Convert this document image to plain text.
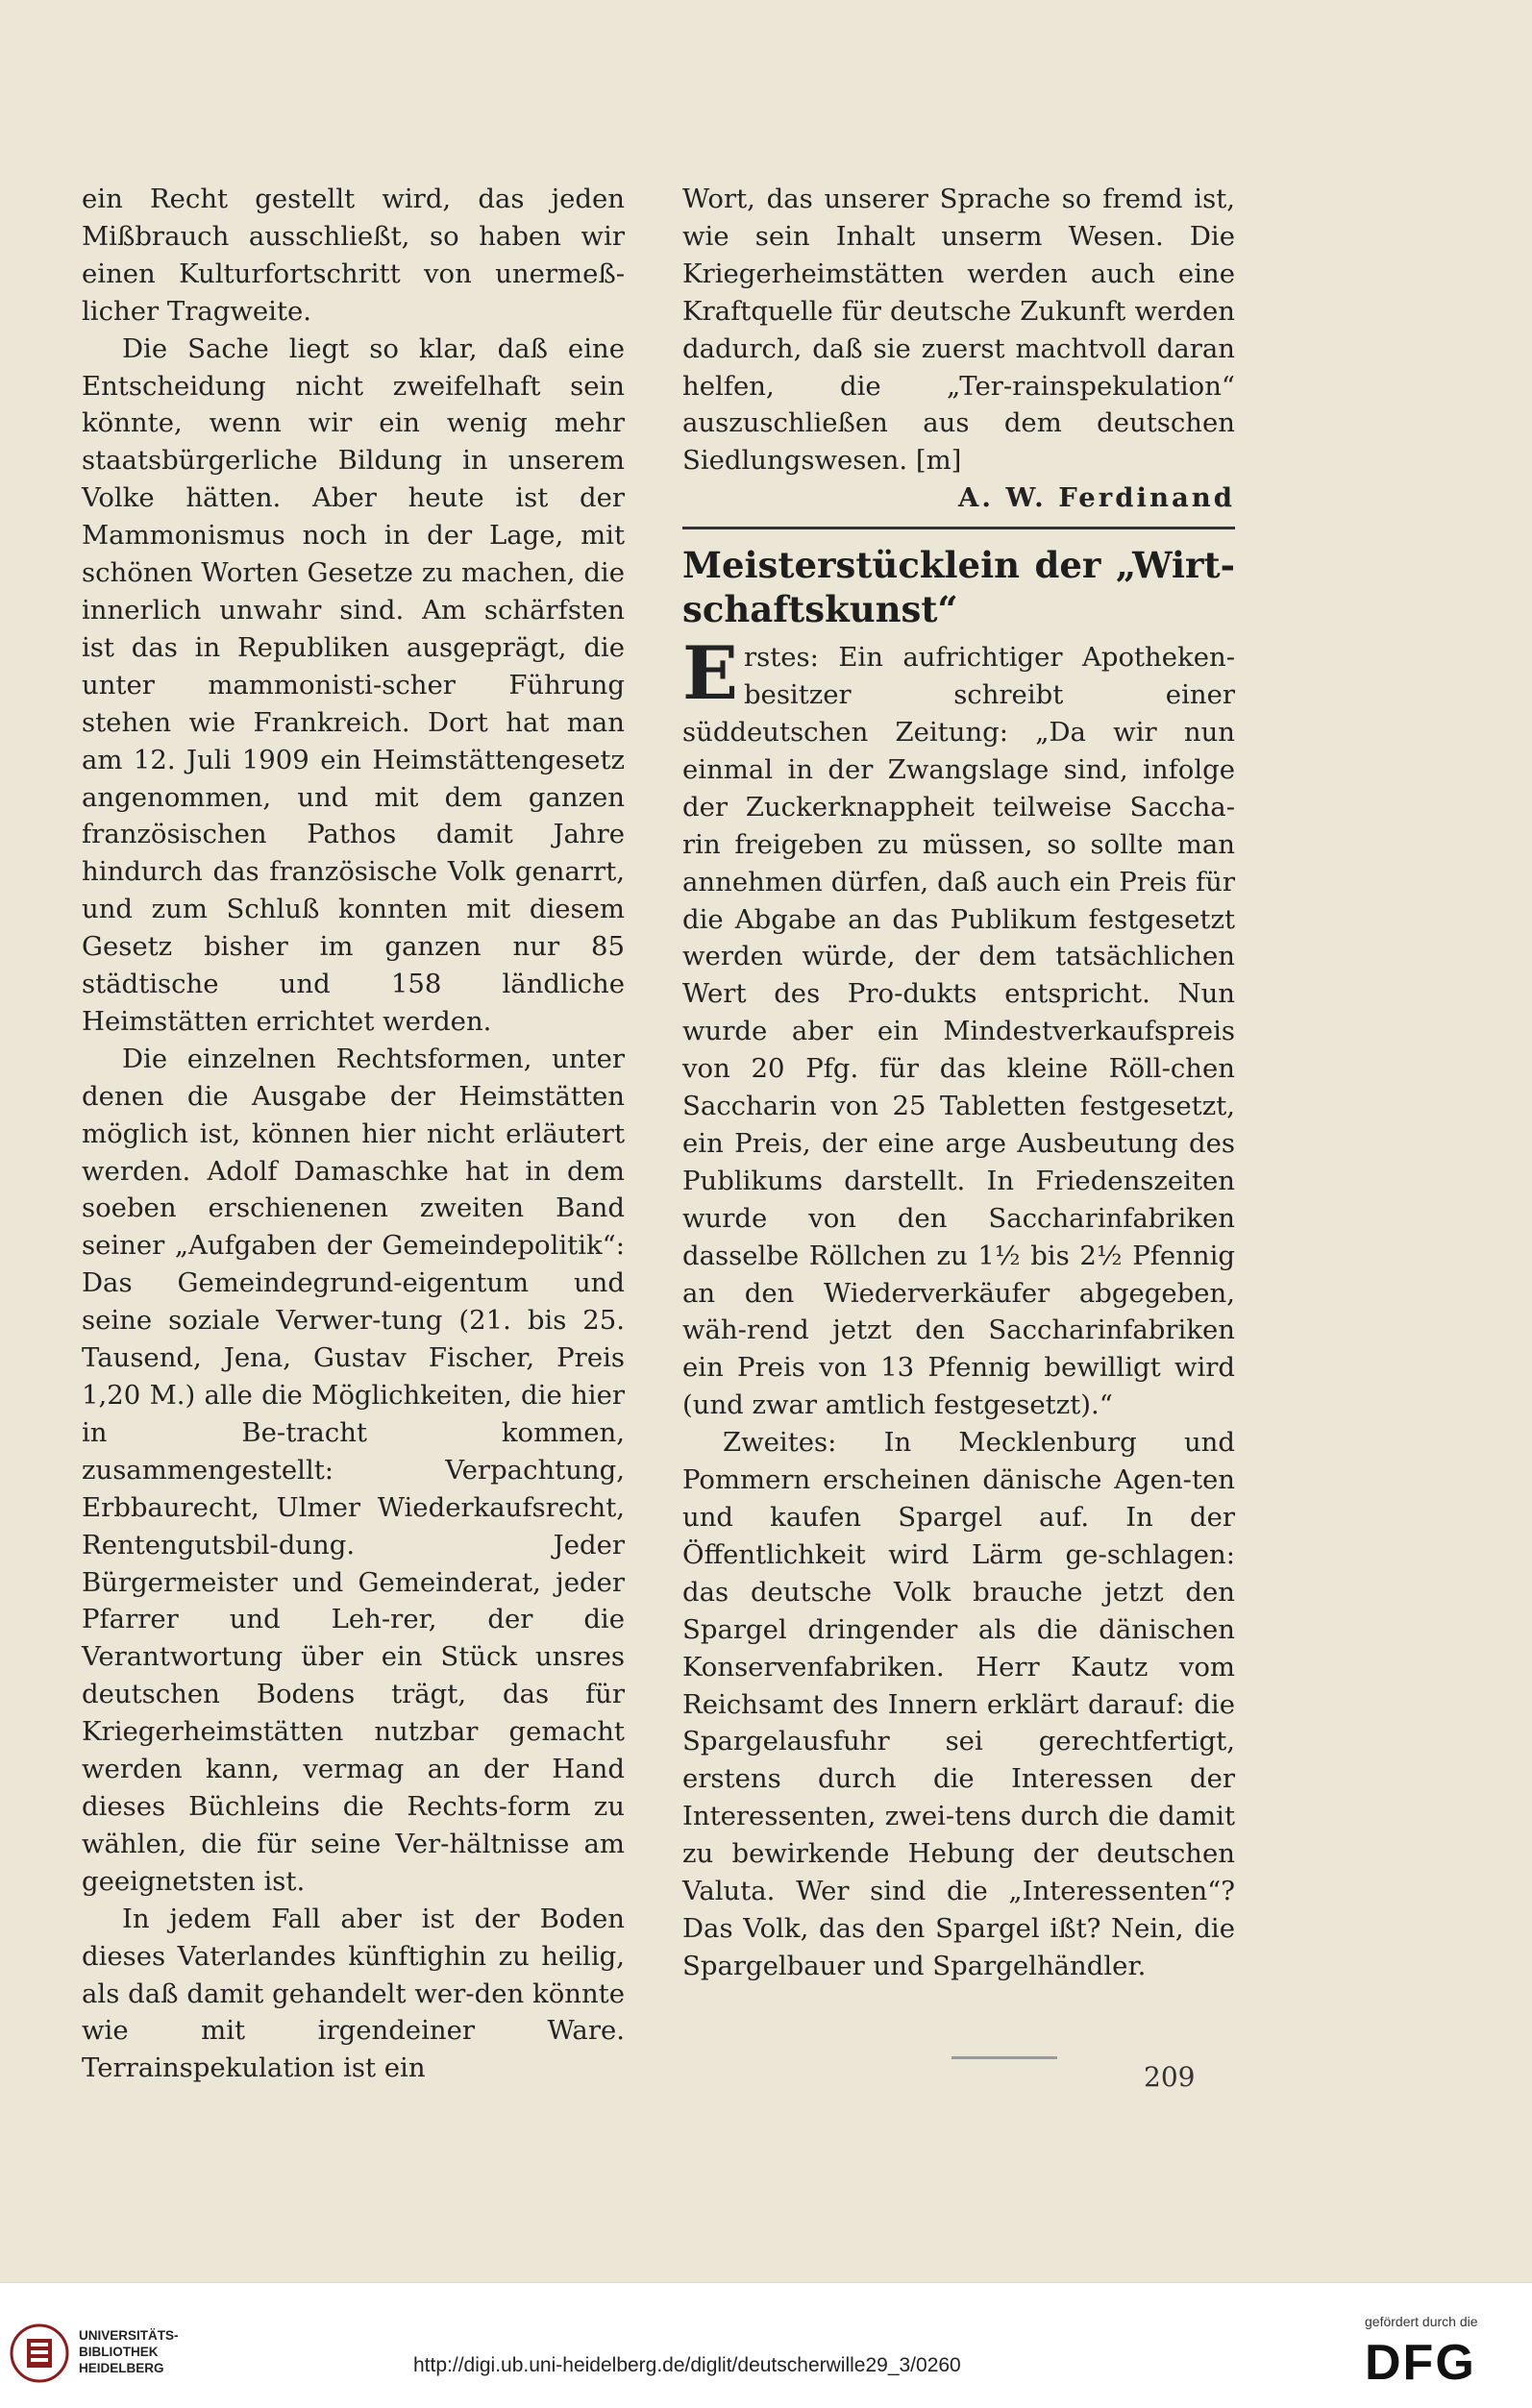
ein Recht gestellt wird, das jeden Mißbrauch ausschließt, so haben wir einen Kulturfortschritt von unermeß-licher Tragweite.

Die Sache liegt so klar, daß eine Entscheidung nicht zweifelhaft sein könnte, wenn wir ein wenig mehr staatsbürgerliche Bildung in unserem Volke hätten. Aber heute ist der Mammonismus noch in der Lage, mit schönen Worten Gesetze zu machen, die innerlich unwahr sind. Am schärfsten ist das in Republiken ausgeprägt, die unter mammonisti-scher Führung stehen wie Frankreich. Dort hat man am 12. Juli 1909 ein Heimstättengesetz angenommen, und mit dem ganzen französischen Pathos damit Jahre hindurch das französische Volk genarrt, und zum Schluß konnten mit diesem Gesetz bisher im ganzen nur 85 städtische und 158 ländliche Heimstätten errichtet werden.

Die einzelnen Rechtsformen, unter denen die Ausgabe der Heimstätten möglich ist, können hier nicht erläutert werden. Adolf Damaschke hat in dem soeben erschienenen zweiten Band seiner „Aufgaben der Gemeindepolitik“: Das Gemeindegrund-eigentum und seine soziale Verwer-tung (21. bis 25. Tausend, Jena, Gustav Fischer, Preis 1,20 M.) alle die Möglichkeiten, die hier in Be-tracht kommen, zusammengestellt: Verpachtung, Erbbaurecht, Ulmer Wiederkaufsrecht, Rentengutsbil-dung. Jeder Bürgermeister und Gemeinderat, jeder Pfarrer und Leh-rer, der die Verantwortung über ein Stück unsres deutschen Bodens trägt, das für Kriegerheimstätten nutzbar gemacht werden kann, vermag an der Hand dieses Büchleins die Rechts-form zu wählen, die für seine Ver-hältnisse am geeignetsten ist.

In jedem Fall aber ist der Boden dieses Vaterlandes künftighin zu heilig, als daß damit gehandelt wer-den könnte wie mit irgendeiner Ware. Terrainspekulation ist ein

Wort, das unserer Sprache so fremd ist, wie sein Inhalt unserm Wesen. Die Kriegerheimstätten werden auch eine Kraftquelle für deutsche Zukunft werden dadurch, daß sie zuerst machtvoll daran helfen, die „Ter-rainspekulation“ auszuschließen aus dem deutschen Siedlungswesen. [m]

A. W. Ferdinand

Meisterstücklein der „Wirt-schaftskunst“

Erstes: Ein aufrichtiger Apotheken-besitzer schreibt einer süddeutschen Zeitung: „Da wir nun einmal in der Zwangslage sind, infolge der Zuckerknappheit teilweise Saccha-rin freigeben zu müssen, so sollte man annehmen dürfen, daß auch ein Preis für die Abgabe an das Publikum festgesetzt werden würde, der dem tatsächlichen Wert des Pro-dukts entspricht. Nun wurde aber ein Mindestverkaufspreis von 20 Pfg. für das kleine Röll-chen Saccharin von 25 Tabletten festgesetzt, ein Preis, der eine arge Ausbeutung des Publikums darstellt. In Friedenszeiten wurde von den Saccharinfabriken dasselbe Röllchen zu 1½ bis 2½ Pfennig an den Wiederverkäufer abgegeben, wäh-rend jetzt den Saccharinfabriken ein Preis von 13 Pfennig bewilligt wird (und zwar amtlich festgesetzt).“

Zweites: In Mecklenburg und Pommern erscheinen dänische Agen-ten und kaufen Spargel auf. In der Öffentlichkeit wird Lärm ge-schlagen: das deutsche Volk brauche jetzt den Spargel dringender als die dänischen Konservenfabriken. Herr Kautz vom Reichsamt des Innern erklärt darauf: die Spargelausfuhr sei gerechtfertigt, erstens durch die Interessen der Interessenten, zwei-tens durch die damit zu bewirkende Hebung der deutschen Valuta. Wer sind die „Interessenten“? Das Volk, das den Spargel ißt? Nein, die Spargelbauer und Spargelhändler.

209
UNIVERSITÄTS-
BIBLIOTHEK
HEIDELBERG	http://digi.ub.uni-heidelberg.de/diglit/deutscherwille29_3/0260
gefördert durch die
DFG
